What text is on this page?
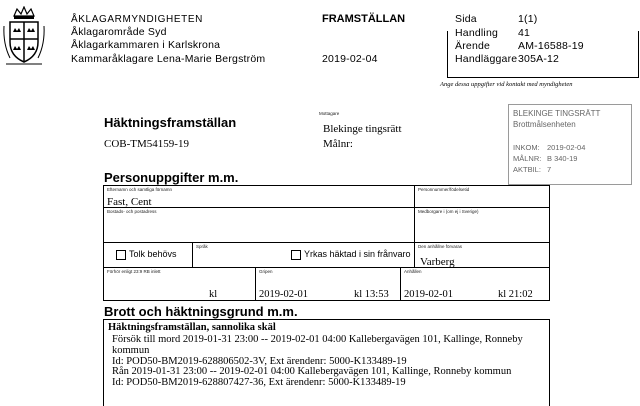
ÅKLAGARMYNDIGHETEN
Åklagarområde Syd
Åklagarkammaren i Karlskrona
Kammaråklagare Lena-Marie Bergström
FRAMSTÄLLAN
2019-02-04
Sida	1(1)
Handling 41
Ärende	AM-16588-19
Handläggare 305A-12
Ange dessa uppgifter vid kontakt med myndigheten
Häktningsframställan
COB-TM54159-19
Mottagare
Blekinge tingsrätt
Målnr:
BLEKINGE TINGSRÄTT
Brottmålsenheten
INKOM: 2019-02-04
MÅLNR: B 340-19
AKTBIL: 7
Personuppgifter m.m.
Efternamn och samtliga förnamn
Fast, Cent
Personnummer/födelsetid
Bostads- och postadress	Medborgare i (om ej i Sverige)
Tolk behövs
Språk
Yrkas häktad i sin frånvaro
Den anhållne förvaras
Varberg
Förhör enligt 23:9 RB inlett
kl
Gripen
2019-02-01	kl 13:53
Anhållen
2019-02-01	kl 21:02
Brott och häktningsgrund m.m.
Häktningsframställan, sannolika skäl
Försök till mord 2019-01-31 23:00 -- 2019-02-01 04:00 Kallebergavägen 101, Kallinge, Ronneby
kommun
Id: POD50-BM2019-628806502-3V, Ext ärendenr: 5000-K133489-19
Rån 2019-01-31 23:00 -- 2019-02-01 04:00 Kallebergavägen 101, Kallinge, Ronneby kommun
Id: POD50-BM2019-628807427-36, Ext ärendenr: 5000-K133489-19
